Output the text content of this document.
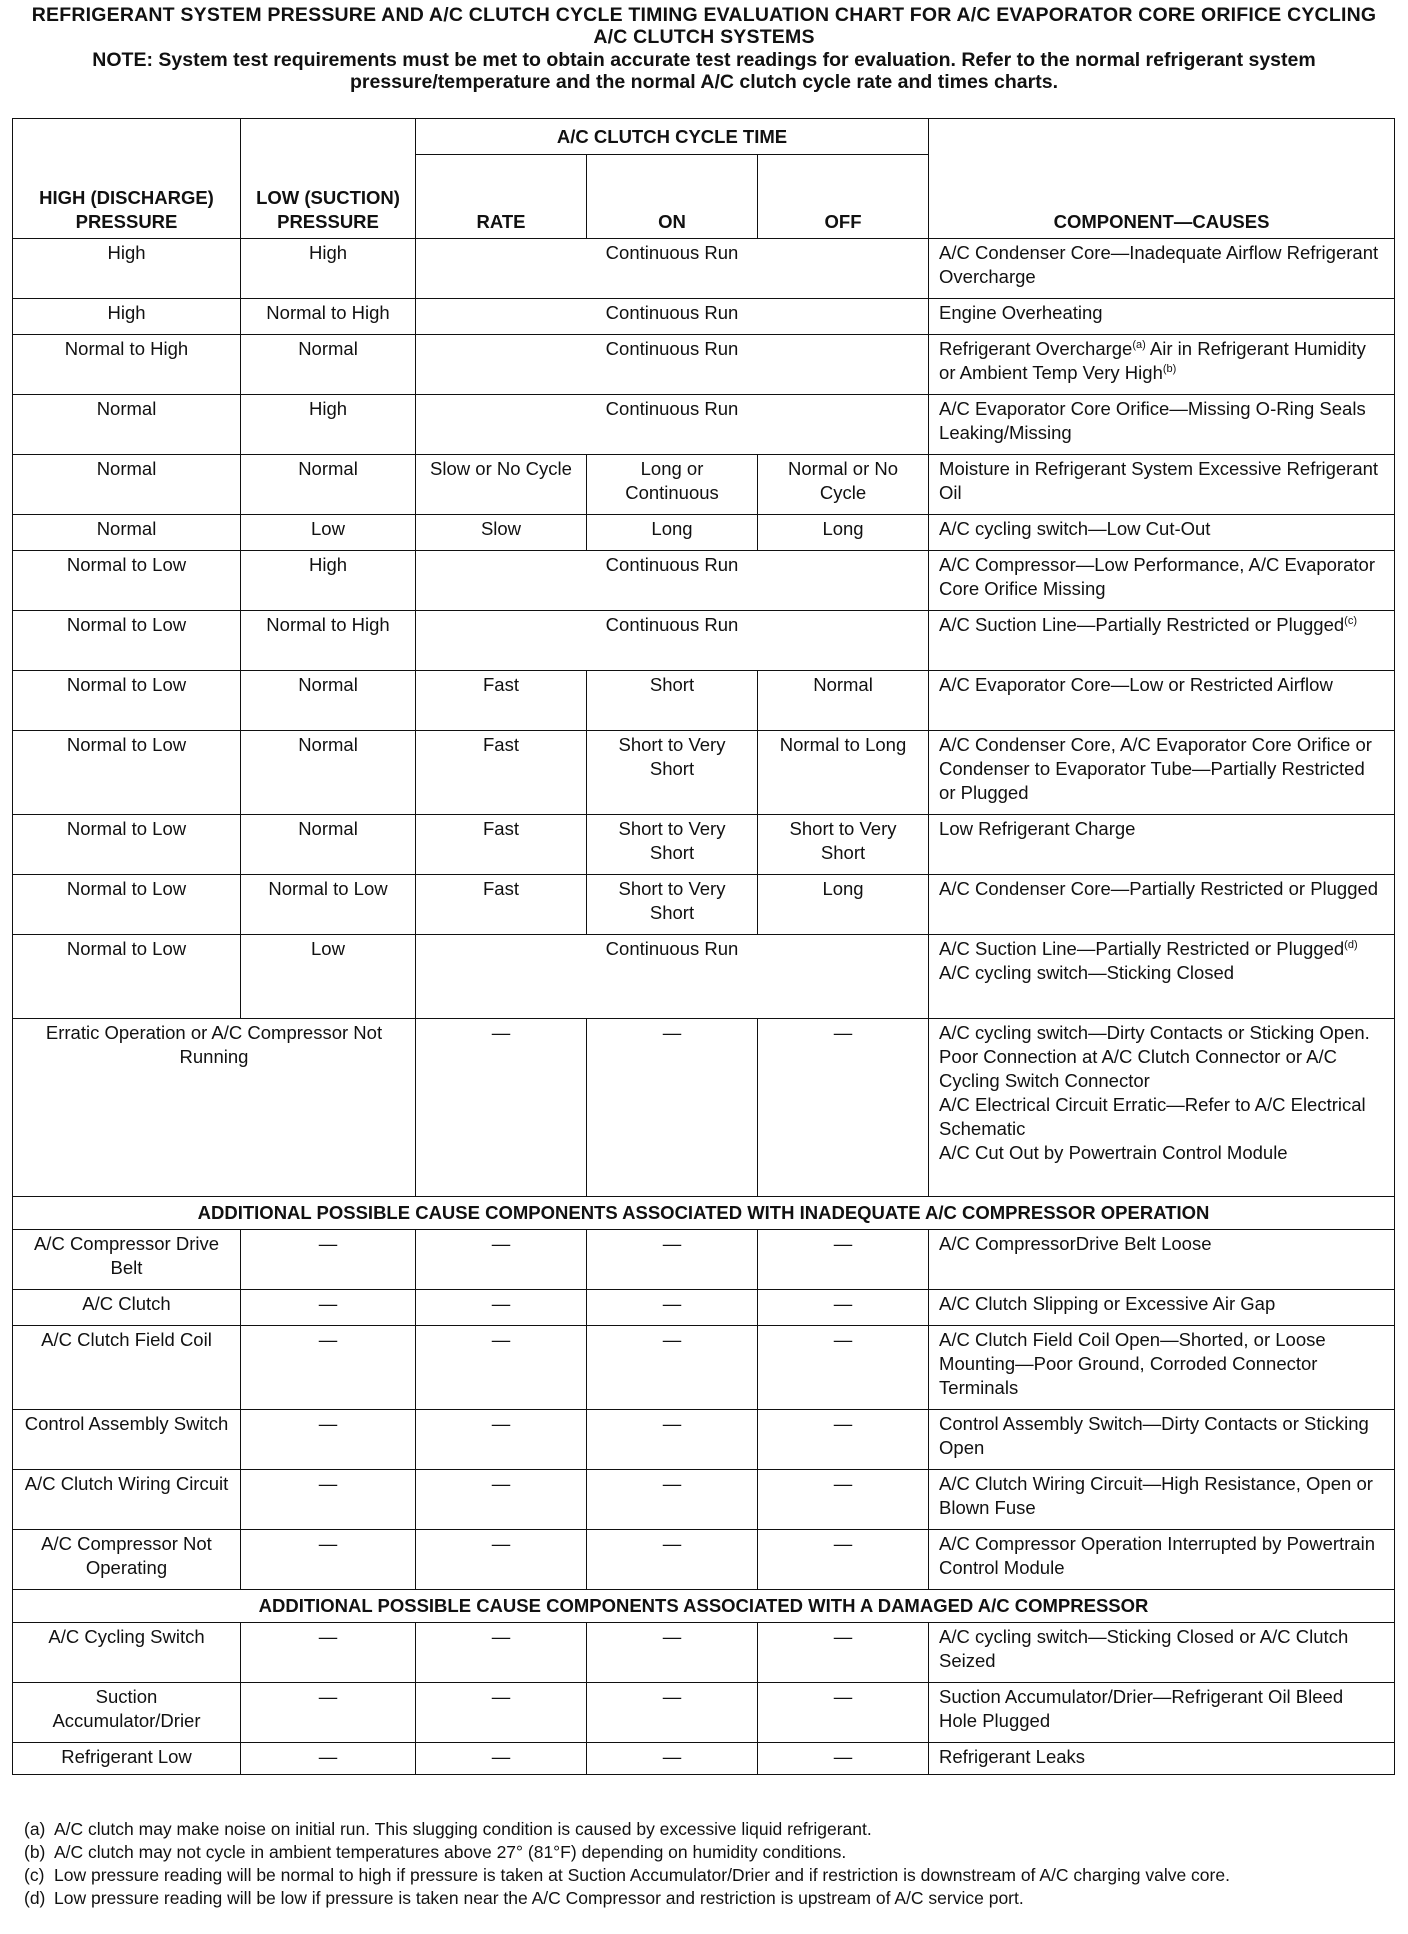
REFRIGERANT SYSTEM PRESSURE AND A/C CLUTCH CYCLE TIMING EVALUATION CHART FOR A/C EVAPORATOR CORE ORIFICE CYCLING A/C CLUTCH SYSTEMS
NOTE: System test requirements must be met to obtain accurate test readings for evaluation. Refer to the normal refrigerant system pressure/temperature and the normal A/C clutch cycle rate and times charts.
HIGH (DISCHARGE) PRESSURE	LOW (SUCTION) PRESSURE	A/C CLUTCH CYCLE TIME			COMPONENT—CAUSES
		RATE	ON	OFF	
High	High	Continuous Run			A/C Condenser Core—Inadequate Airflow Refrigerant Overcharge
High	Normal to High	Continuous Run			Engine Overheating
Normal to High	Normal	Continuous Run			Refrigerant Overcharge$^{(a)}$ Air in Refrigerant Humidity or Ambient Temp Very High$^{(b)}$
Normal	High	Continuous Run			A/C Evaporator Core Orifice—Missing O-Ring Seals Leaking/Missing
Normal	Normal	Slow or No Cycle	Long or Continuous	Normal or No Cycle	Moisture in Refrigerant System Excessive Refrigerant Oil
Normal	Low	Slow	Long	Long	A/C cycling switch—Low Cut-Out
Normal to Low	High	Continuous Run			A/C Compressor—Low Performance, A/C Evaporator Core Orifice Missing
Normal to Low	Normal to High	Continuous Run			A/C Suction Line—Partially Restricted or Plugged$^{(c)}$
Normal to Low	Normal	Fast	Short	Normal	A/C Evaporator Core—Low or Restricted Airflow
Normal to Low	Normal	Fast	Short to Very Short	Normal to Long	A/C Condenser Core, A/C Evaporator Core Orifice or Condenser to Evaporator Tube—Partially Restricted or Plugged
Normal to Low	Normal	Fast	Short to Very Short	Short to Very Short	Low Refrigerant Charge
Normal to Low	Normal to Low	Fast	Short to Very Short	Long	A/C Condenser Core—Partially Restricted or Plugged
Normal to Low	Low	Continuous Run			A/C Suction Line—Partially Restricted or Plugged$^{(d)}$ A/C cycling switch—Sticking Closed
Erratic Operation or A/C Compressor Not Running		—	—	—	A/C cycling switch—Dirty Contacts or Sticking Open.
Poor Connection at A/C Clutch Connector or A/C Cycling Switch Connector
A/C Electrical Circuit Erratic—Refer to A/C Electrical Schematic
A/C Cut Out by Powertrain Control Module

ADDITIONAL POSSIBLE CAUSE COMPONENTS ASSOCIATED WITH INADEQUATE A/C COMPRESSOR OPERATION					
A/C Compressor Drive Belt	—	—	—	—	A/C CompressorDrive Belt Loose
A/C Clutch	—	—	—	—	A/C Clutch Slipping or Excessive Air Gap
A/C Clutch Field Coil	—	—	—	—	A/C Clutch Field Coil Open—Shorted, or Loose Mounting—Poor Ground, Corroded Connector Terminals
Control Assembly Switch	—	—	—	—	Control Assembly Switch—Dirty Contacts or Sticking Open
A/C Clutch Wiring Circuit	—	—	—	—	A/C Clutch Wiring Circuit—High Resistance, Open or Blown Fuse
A/C Compressor Not Operating	—	—	—	—	A/C Compressor Operation Interrupted by Powertrain Control Module
ADDITIONAL POSSIBLE CAUSE COMPONENTS ASSOCIATED WITH A DAMAGED A/C COMPRESSOR					
A/C Cycling Switch	—	—	—	—	A/C cycling switch—Sticking Closed or A/C Clutch Seized
Suction Accumulator/Drier	—	—	—	—	Suction Accumulator/Drier—Refrigerant Oil Bleed Hole Plugged
Refrigerant Low	—	—	—	—	Refrigerant Leaks
(a) A/C clutch may make noise on initial run. This slugging condition is caused by excessive liquid refrigerant.
(b) A/C clutch may not cycle in ambient temperatures above 27° (81°F) depending on humidity conditions.
(c) Low pressure reading will be normal to high if pressure is taken at Suction Accumulator/Drier and if restriction is downstream of A/C charging valve core.
(d) Low pressure reading will be low if pressure is taken near the A/C Compressor and restriction is upstream of A/C service port.
